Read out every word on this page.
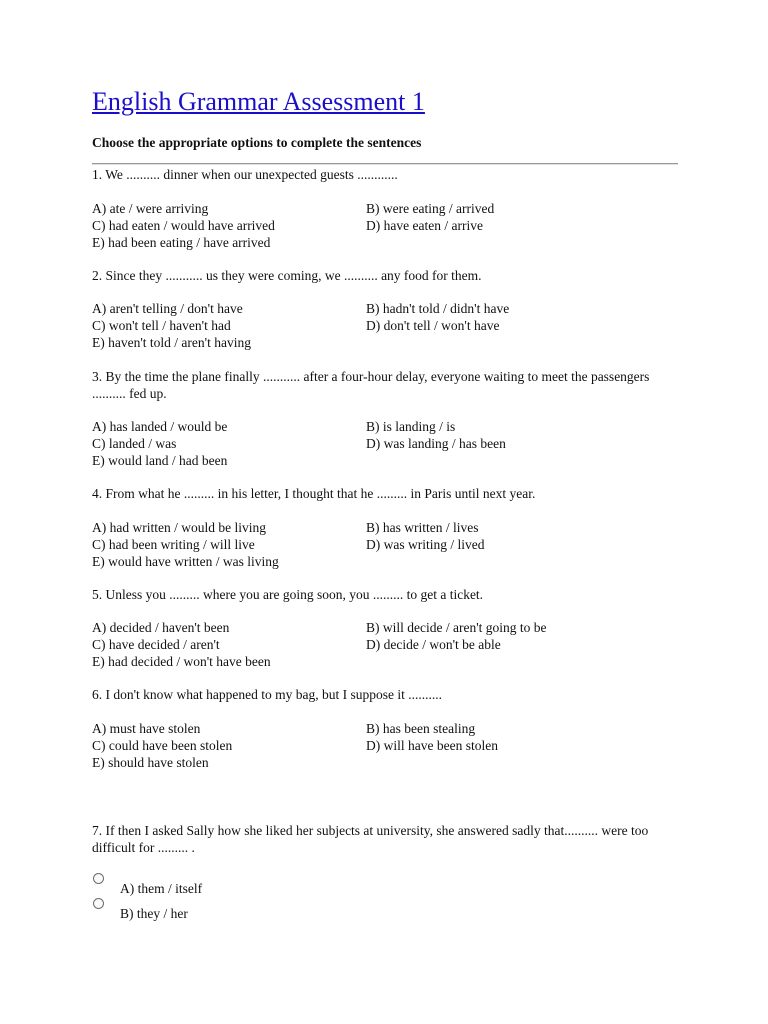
English Grammar Assessment 1
Choose the appropriate options to complete the sentences

1. We .......... dinner when our unexpected guests ............

A) ate / were arriving	B) were eating / arrived
C) had eaten / would have arrived	D) have eaten / arrive
E) had been eating / have arrived

2. Since they ........... us they were coming, we .......... any food for them.

A) aren't telling / don't have	B) hadn't told / didn't have
C) won't tell / haven't had	D) don't tell / won't have
E) haven't told / aren't having

3. By the time the plane finally ........... after a four-hour delay, everyone waiting to meet the passengers .......... fed up.

A) has landed / would be	B) is landing / is
C) landed / was	D) was landing / has been
E) would land / had been

4. From what he ......... in his letter, I thought that he ......... in Paris until next year.

A) had written / would be living	B) has written / lives
C) had been writing / will live	D) was writing / lived
E) would have written / was living

5. Unless you ......... where you are going soon, you ......... to get a ticket.

A) decided / haven't been	B) will decide / aren't going to be
C) have decided / aren't	D) decide / won't be able
E) had decided / won't have been

6. I don't know what happened to my bag, but I suppose it ..........

A) must have stolen	B) has been stealing
C) could have been stolen	D) will have been stolen
E) should have stolen

7. If then I asked Sally how she liked her subjects at university, she answered sadly that.......... were too difficult for ......... .

A) them / itself
B) they / her
